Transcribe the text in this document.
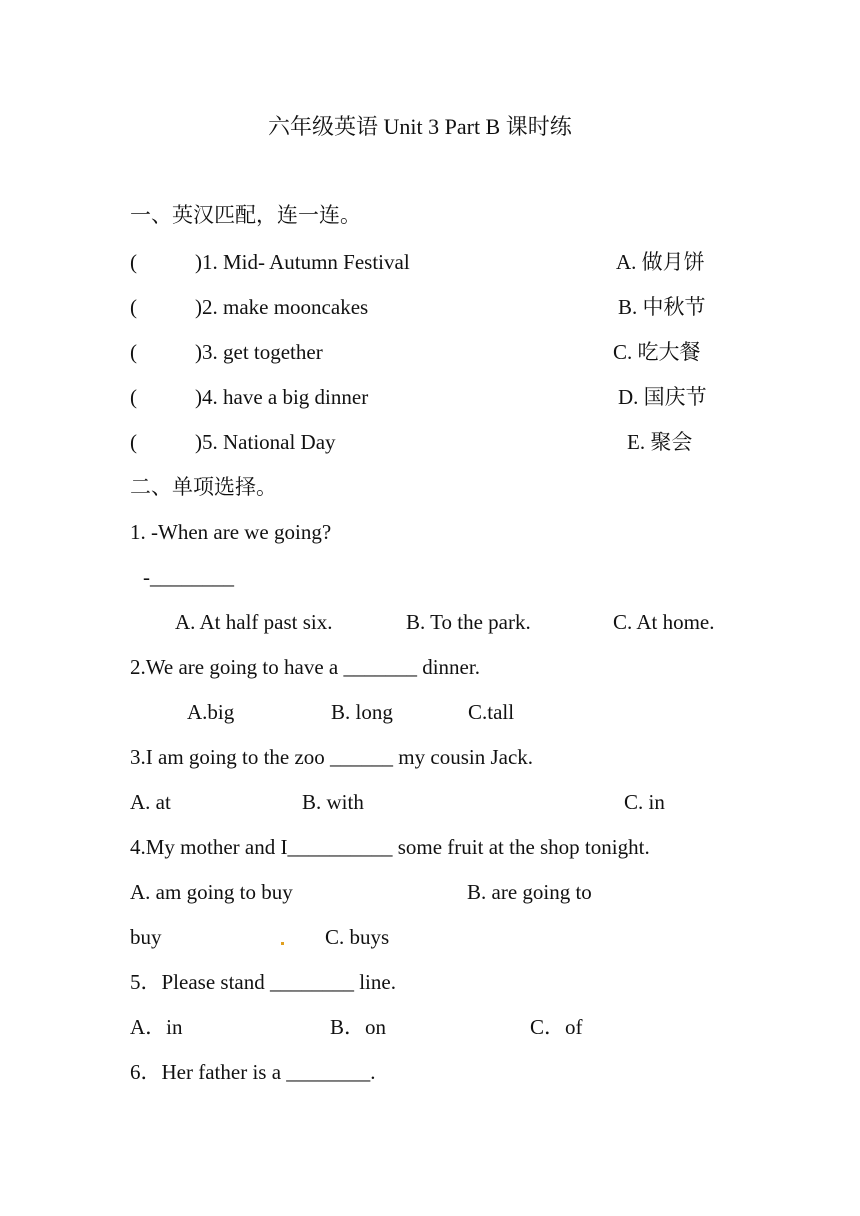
六年级英语 Unit 3 Part B 课时练
一、英汉匹配，连一连。
(	)1. Mid- Autumn Festival	A. 做月饼
(	)2. make mooncakes	B. 中秋节
(	)3. get together	C. 吃大餐
(	)4. have a big dinner	D. 国庆节
(	)5. National Day	E. 聚会
二、单项选择。
1. -When are we going?
-________
A. At half past six.	B. To the park.	C. At home.
2.We are going to have a _______ dinner.
A.big	B. long	C.tall
3.I am going to the zoo ______ my cousin Jack.
A. at	B. with	C. in
4.My mother and I__________ some fruit at the shop tonight.
A. am going to buy	B. are going to
buy	C. buys
5．Please stand ________ line.
A．in	B．on	C．of
6．Her father is a ________.
